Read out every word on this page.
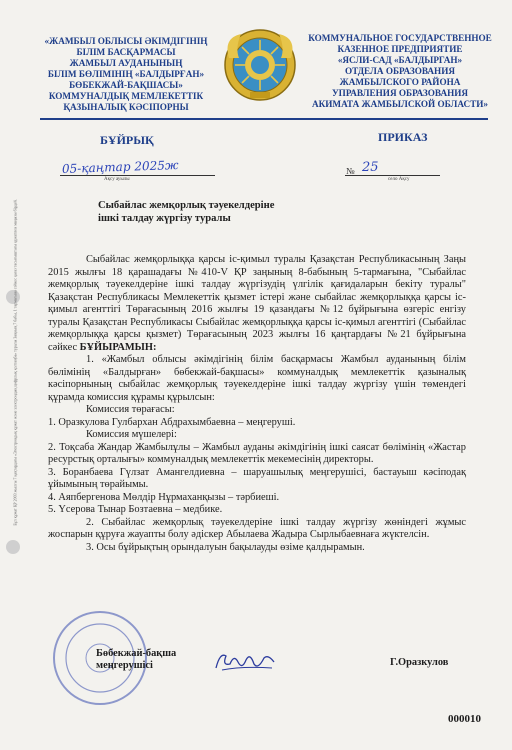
Бұл құжат ҚР 2003 жылғы 7 қаңтардағы «Электрондық құжат және электрондық цифрлық қолтаңба» туралы Заңның 7 бабы, 1 тармағына сәйкес қағаз тасығыштағы құжатпен маңызы бірдей.
«ЖАМБЫЛ ОБЛЫСЫ ӘКІМДІГІНІҢ
БІЛІМ БАСҚАРМАСЫ
ЖАМБЫЛ АУДАНЫНЫҢ
БІЛІМ БӨЛІМІНІҢ «БАЛДЫРҒАН»
БӨБЕКЖАЙ-БАҚШАСЫ»
КОММУНАЛДЫҚ МЕМЛЕКЕТТІК
ҚАЗЫНАЛЫҚ КӘСІПОРНЫ
КОММУНАЛЬНОЕ ГОСУДАРСТВЕННОЕ
КАЗЕННОЕ ПРЕДПРИЯТИЕ
«ЯСЛИ-САД «БАЛДЫРГАН»
ОТДЕЛА ОБРАЗОВАНИЯ
ЖАМБЫЛСКОГО РАЙОНА
УПРАВЛЕНИЯ ОБРАЗОВАНИЯ
АКИМАТА ЖАМБЫЛСКОЙ ОБЛАСТИ»
БҰЙРЫҚ	ПРИКАЗ
05-қаңтар 2025ж
Ақсу ауылы
№ 25
село Ақсу
Сыбайлас жемқорлық тәуекелдеріне
ішкі талдау жүргізу туралы

Сыбайлас жемқорлыққа қарсы іс-қимыл туралы Қазақстан Республикасының Заңы 2015 жылғы 18 қарашадағы №410-V ҚР заңының 8-бабының 5-тармағына, "Сыбайлас жемқорлық тәуекелдеріне ішкі талдау жүргізудің үлгілік қағидаларын бекіту туралы" Қазақстан Республикасы Мемлекеттік қызмет істері және сыбайлас жемқорлыққа қарсы іс-қимыл агенттігі Төрағасының 2016 жылғы 19 қазандағы №12 бұйрығына өзгеріс енгізу туралы Қазақстан Республикасы Сыбайлас жемқорлыққа қарсы іс-қимыл агенттігі (Сыбайлас жемқорлыққа қарсы қызмет) Төрағасының 2023 жылғы 16 қаңтардағы №21 бұйрығына сәйкес БҰЙЫРАМЫН:

1. «Жамбыл облысы әкімдігінің білім басқармасы Жамбыл ауданының білім бөлімінің «Балдырған» бөбекжай-бақшасы» коммуналдық мемлекеттік қазыналық кәсіпорнының сыбайлас жемқорлық тәуекелдеріне ішкі талдау жүргізу үшін төмендегі құрамда комиссия құрамы құрылсын:

Комиссия төрағасы:

1. Оразкулова Гулбархан Абдрахымбаевна – меңгеруші.

Комиссия мүшелері:

2. Тоқсаба Жандар Жамбылұлы – Жамбыл ауданы әкімдігінің ішкі саясат бөлімінің «Жастар ресурстық орталығы» коммуналдық мемлекеттік мекемесінің директоры.

3. Боранбаева Гүлзат Амангелдиевна – шаруашылық меңгерушісі, бастауыш кәсіподақ ұйымының төрайымы.

4. Аяпбергенова Мөлдір Нұрмаханқызы – тәрбиеші.

5. Үсерова Тынар Бозтаевна – медбике.

2. Сыбайлас жемқорлық тәуекелдеріне ішкі талдау жүргізу жөніндегі жұмыс жоспарын құруға жауапты болу әдіскер Абылаева Жадыра Сырлыбаевнаға жүктелсін.

3. Осы бұйрықтың орындалуын бақылауды өзіме қалдырамын.

Бөбекжай-бақша
меңгерушісі	Г.Оразкулов
000010
